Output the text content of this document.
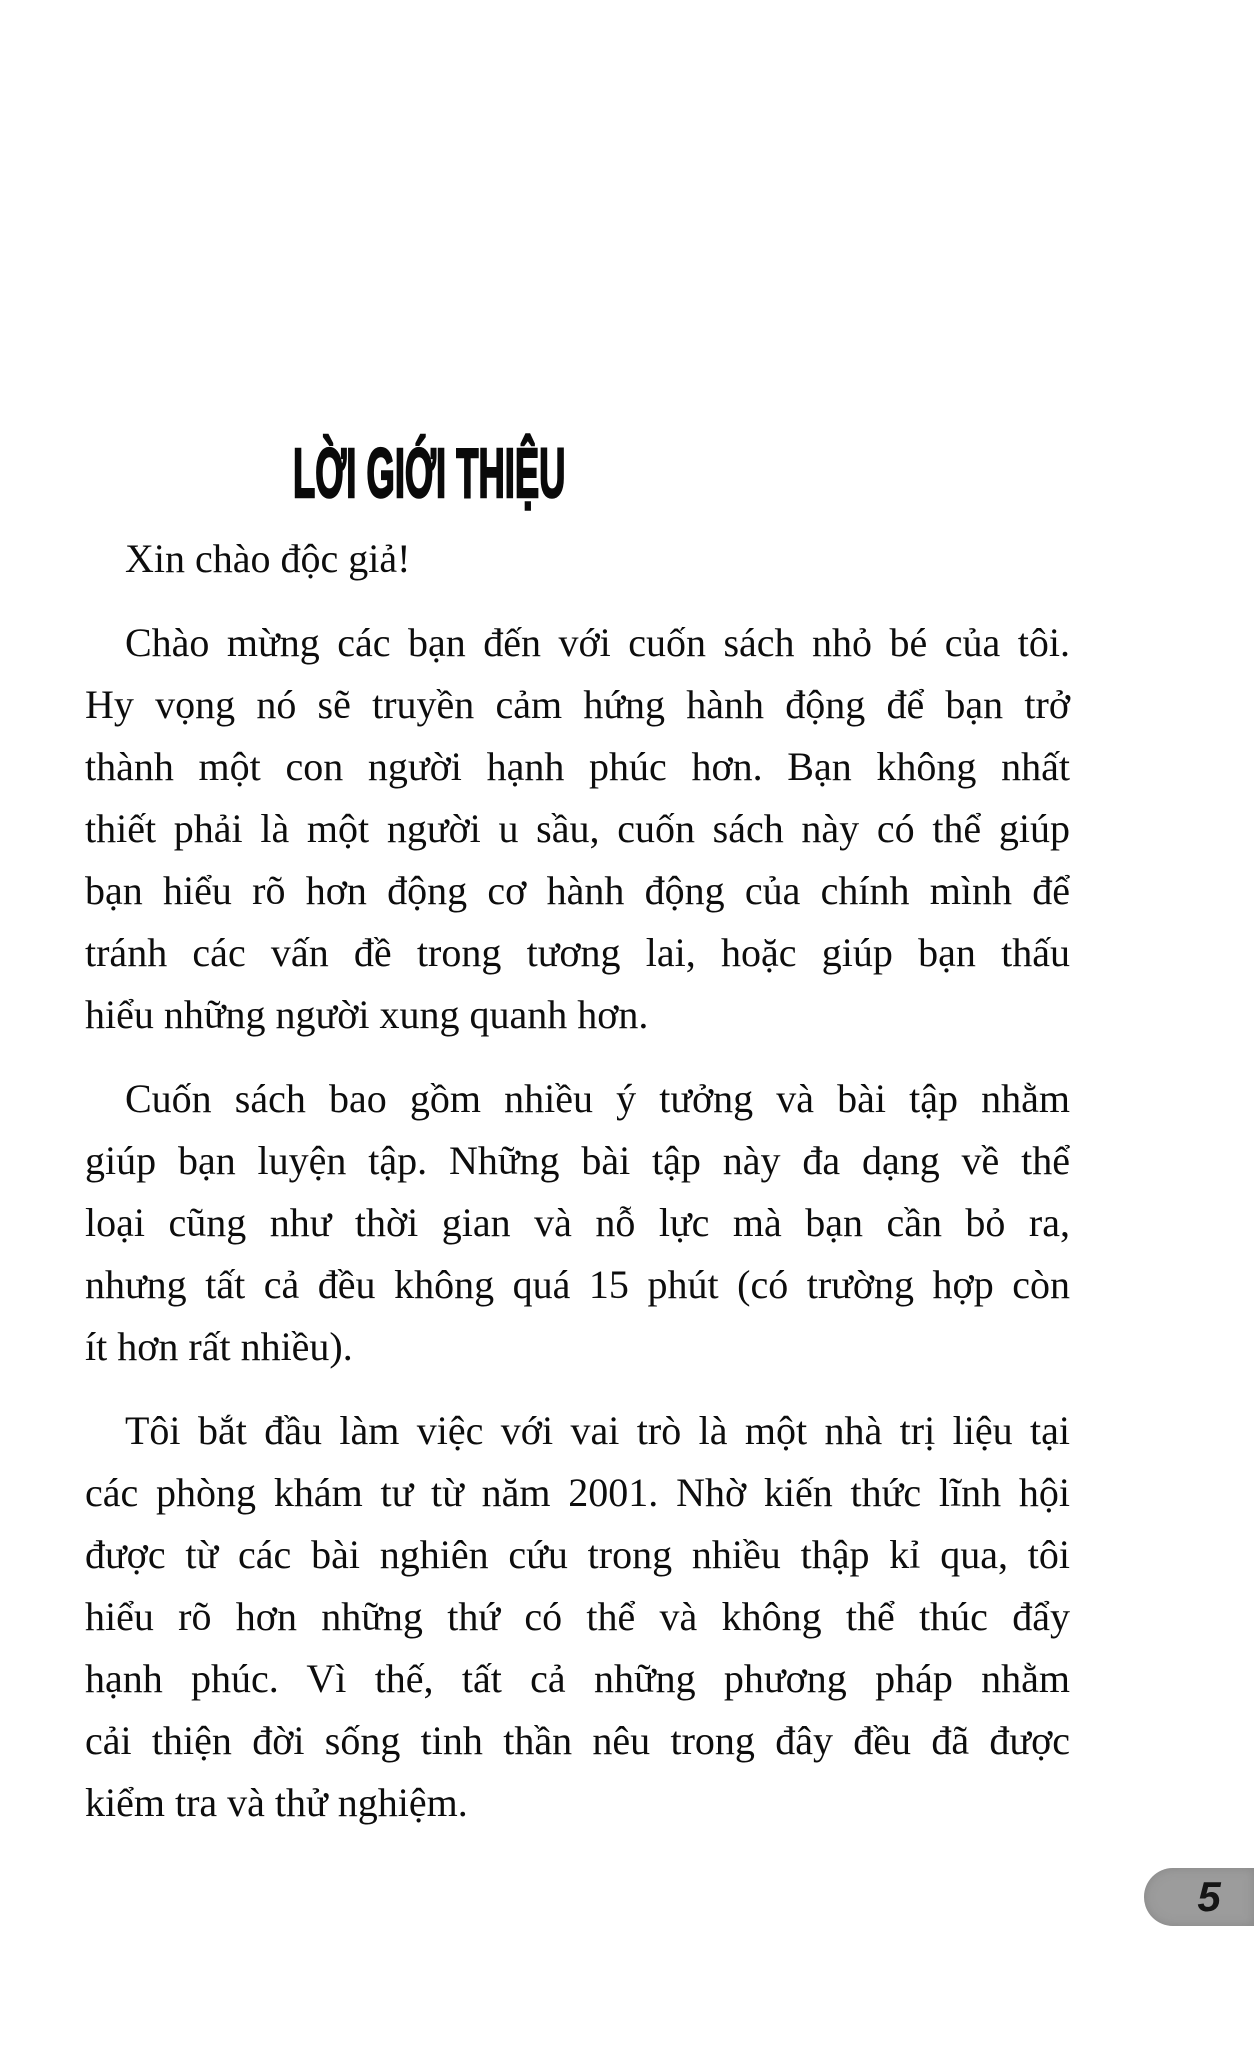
LỜI GIỚI THIỆU

Xin chào độc giả!

Chào mừng các bạn đến với cuốn sách nhỏ bé của tôi.
Hy vọng nó sẽ truyền cảm hứng hành động để bạn trở
thành một con người hạnh phúc hơn. Bạn không nhất
thiết phải là một người u sầu, cuốn sách này có thể giúp
bạn hiểu rõ hơn động cơ hành động của chính mình để
tránh các vấn đề trong tương lai, hoặc giúp bạn thấu
hiểu những người xung quanh hơn.

Cuốn sách bao gồm nhiều ý tưởng và bài tập nhằm
giúp bạn luyện tập. Những bài tập này đa dạng về thể
loại cũng như thời gian và nỗ lực mà bạn cần bỏ ra,
nhưng tất cả đều không quá 15 phút (có trường hợp còn
ít hơn rất nhiều).

Tôi bắt đầu làm việc với vai trò là một nhà trị liệu tại
các phòng khám tư từ năm 2001. Nhờ kiến thức lĩnh hội
được từ các bài nghiên cứu trong nhiều thập kỉ qua, tôi
hiểu rõ hơn những thứ có thể và không thể thúc đẩy
hạnh phúc. Vì thế, tất cả những phương pháp nhằm
cải thiện đời sống tinh thần nêu trong đây đều đã được
kiểm tra và thử nghiệm.

5
